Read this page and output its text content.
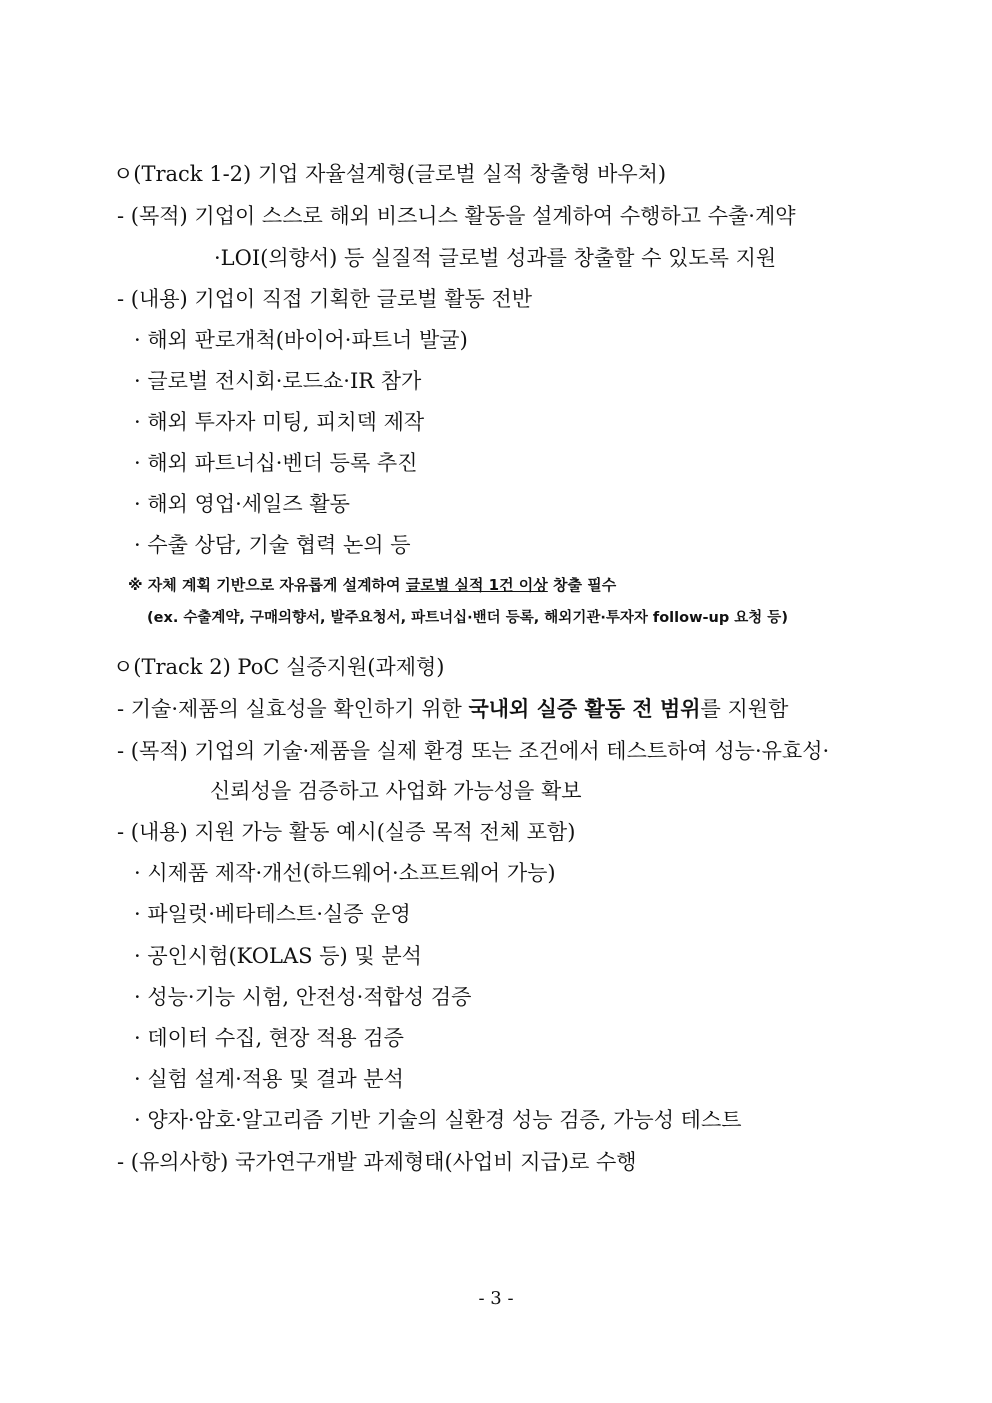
ㅇ(Track 1-2) 기업 자율설계형(글로벌 실적 창출형 바우처)
- (목적) 기업이 스스로 해외 비즈니스 활동을 설계하여 수행하고 수출·계약
·LOI(의향서) 등 실질적 글로벌 성과를 창출할 수 있도록 지원
- (내용) 기업이 직접 기획한 글로벌 활동 전반
· 해외 판로개척(바이어·파트너 발굴)
· 글로벌 전시회·로드쇼·IR 참가
· 해외 투자자 미팅, 피치덱 제작
· 해외 파트너십·벤더 등록 추진
· 해외 영업·세일즈 활동
· 수출 상담, 기술 협력 논의 등
※ 자체 계획 기반으로 자유롭게 설계하여 글로벌 실적 1건 이상 창출 필수
(ex. 수출계약, 구매의향서, 발주요청서, 파트너십·밴더 등록, 해외기관·투자자 follow-up 요청 등)
ㅇ(Track 2) PoC 실증지원(과제형)
- 기술·제품의 실효성을 확인하기 위한 국내외 실증 활동 전 범위를 지원함
- (목적) 기업의 기술·제품을 실제 환경 또는 조건에서 테스트하여 성능·유효성·
신뢰성을 검증하고 사업화 가능성을 확보
- (내용) 지원 가능 활동 예시(실증 목적 전체 포함)
· 시제품 제작·개선(하드웨어·소프트웨어 가능)
· 파일럿·베타테스트·실증 운영
· 공인시험(KOLAS 등) 및 분석
· 성능·기능 시험, 안전성·적합성 검증
· 데이터 수집, 현장 적용 검증
· 실험 설계·적용 및 결과 분석
· 양자·암호·알고리즘 기반 기술의 실환경 성능 검증, 가능성 테스트
- (유의사항) 국가연구개발 과제형태(사업비 지급)로 수행
- 3 -
